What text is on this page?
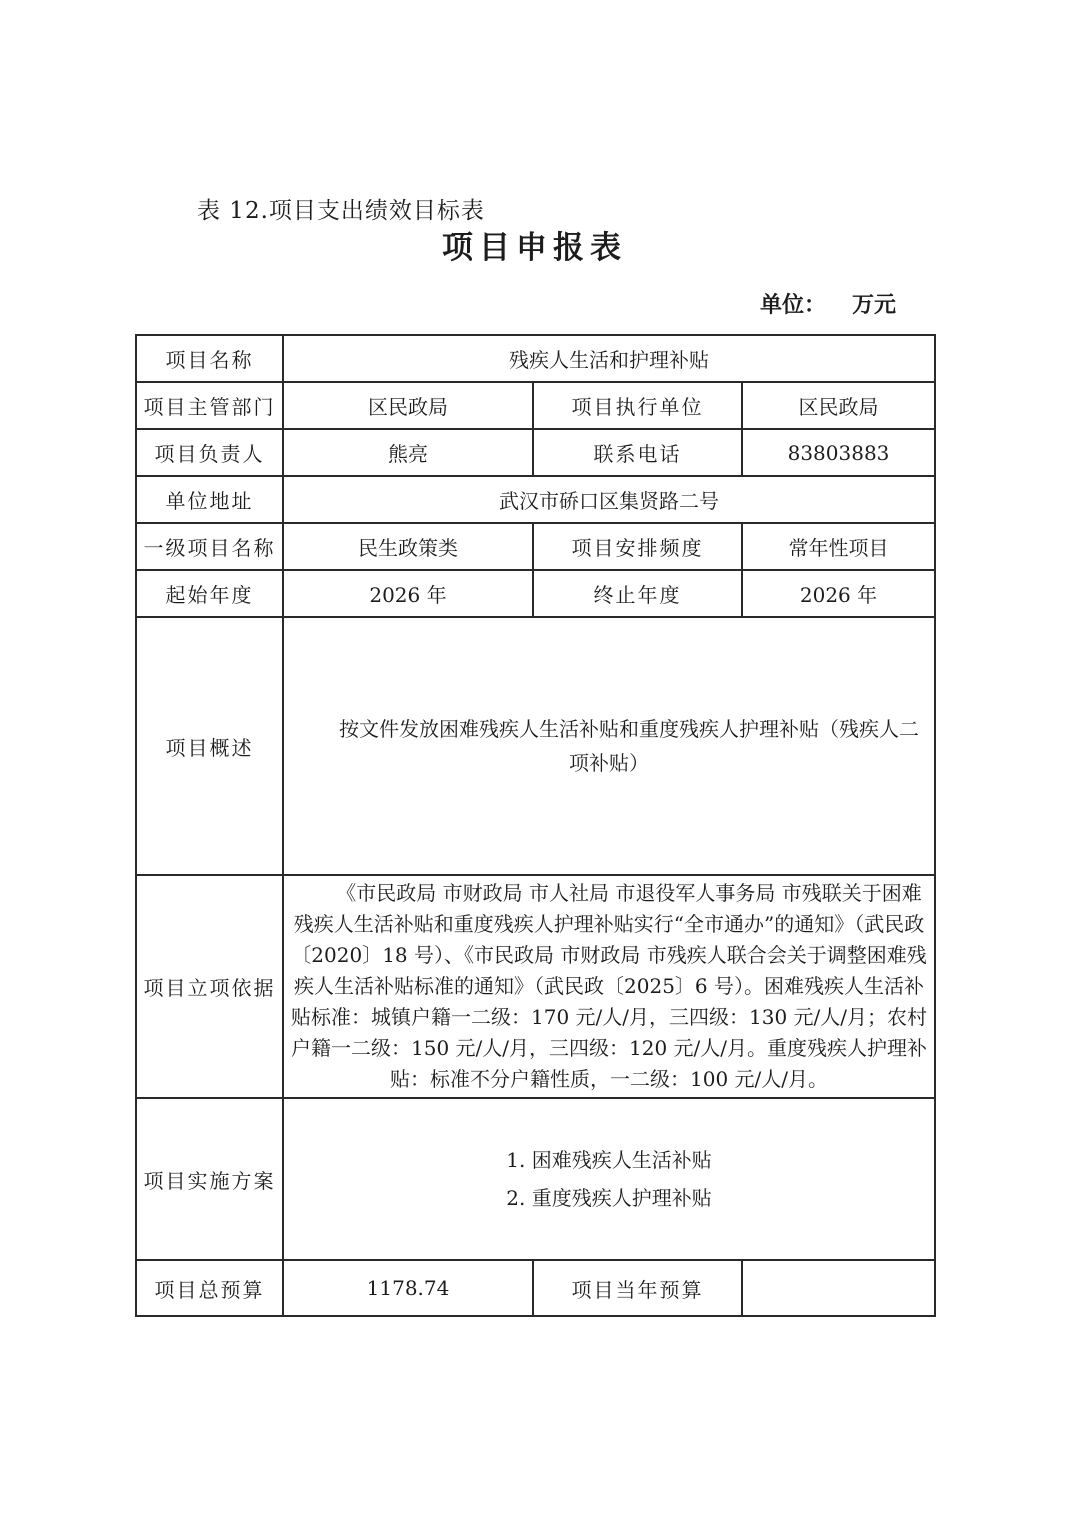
表 12.项目支出绩效目标表
项目申报表
单位： 万元
项目名称	残疾人生活和护理补贴		
项目主管部门	区民政局	项目执行单位	区民政局
项目负责人	熊亮	联系电话	83803883
单位地址	武汉市硚口区集贤路二号		
一级项目名称	民生政策类	项目安排频度	常年性项目
起始年度	2026 年	终止年度	2026 年
项目概述	按文件发放困难残疾人生活补贴和重度残疾人护理补贴（残疾人二项补贴）		

项目立项依据	《市民政局 市财政局 市人社局 市退役军人事务局 市残联关于困难残疾人生活补贴和重度残疾人护理补贴实行“全市通办”的通知》（武民政〔2020〕18 号）、《市民政局 市财政局 市残疾人联合会关于调整困难残疾人生活补贴标准的通知》（武民政〔2025〕6 号）。困难残疾人生活补贴标准：城镇户籍一二级：170 元/人/月，三四级：130 元/人/月；农村户籍一二级：150 元/人/月，三四级：120 元/人/月。重度残疾人护理补贴：标准不分户籍性质，一二级：100 元/人/月。		

项目实施方案	1. 困难残疾人生活补贴
2. 重度残疾人护理补贴		

项目总预算	1178.74	项目当年预算	
